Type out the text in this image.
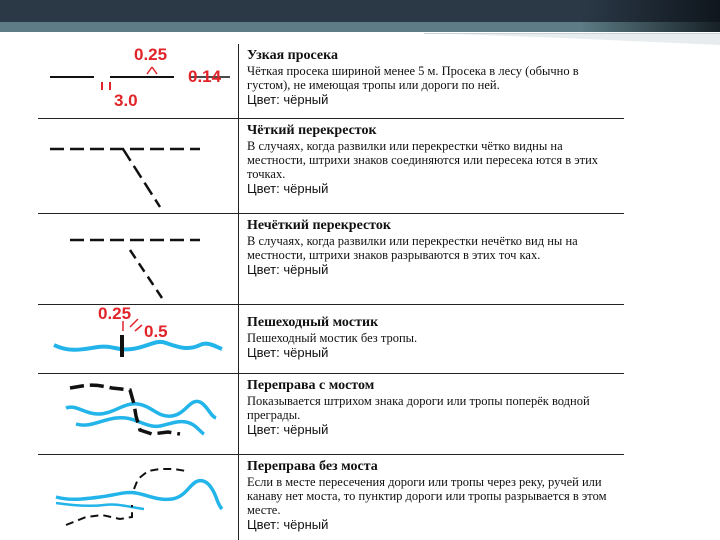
0.25
0.14
3.0

Узкая просека

Чёткая просека шириной менее 5 м. Просека в лесу (обычно в густом), не имеющая тропы или дороги по ней.

Цвет: чёрный

Чёткий перекресток

В случаях, когда развилки или перекрестки чётко видны на местности, штрихи знаков соединяются или пересека ются в этих точках.

Цвет: чёрный

Нечёткий перекресток

В случаях, когда развилки или перекрестки нечётко вид ны на местности, штрихи знаков разрываются в этих точ ках.

Цвет: чёрный

0.25
0.5	Пешеходный мостик

Пешеходный мостик без тропы.

Цвет: чёрный

Переправа с мостом

Показывается штрихом знака дороги или тропы поперёк водной преграды.

Цвет: чёрный

Переправа без моста

Если в месте пересечения дороги или тропы через реку, ручей или канаву нет моста, то пунктир дороги или тропы разрывается в этом месте.

Цвет: чёрный
